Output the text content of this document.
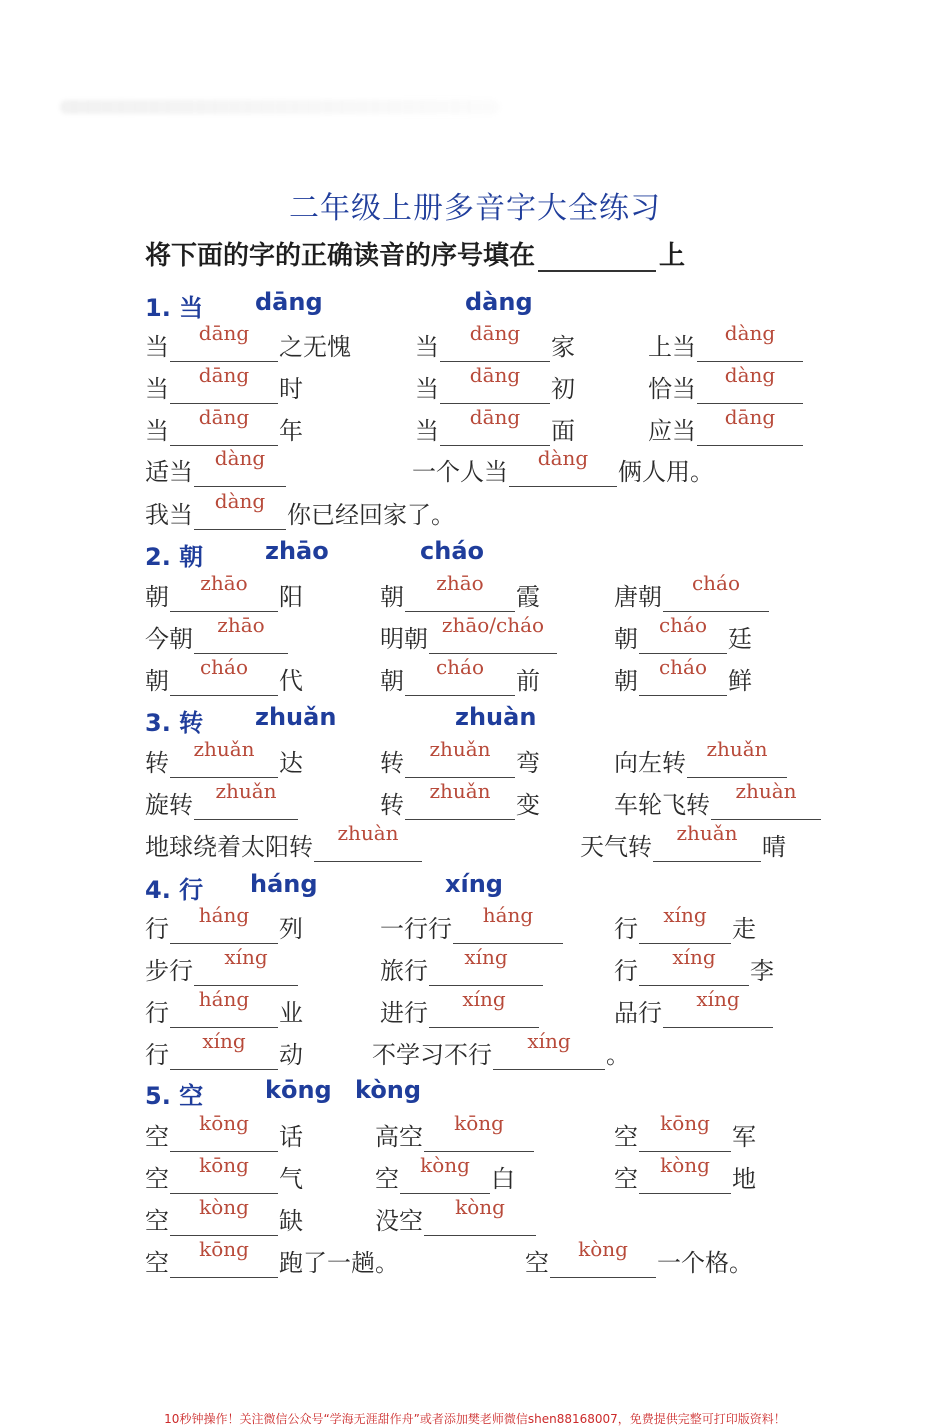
二年级上册多音字大全练习
将下面的字的正确读音的序号填在	上
1. 当 dāng	dàng
当	dāng	之无愧	当	dāng	家	上当	dàng
当	dāng	时	当	dāng	初	恰当	dàng
当	dāng	年	当	dāng	面	应当	dāng
适当	dàng	一个人当	dàng	俩人用。
我当	dàng 你已经回家了。
2. 朝	zhāo	cháo
朝	zhāo	阳	朝	zhāo	霞	唐朝	cháo
今朝	zhāo	明朝 zhāo/cháo	朝	cháo 廷
朝	cháo	代	朝	cháo	前	朝	cháo 鲜
3. 转 zhuǎn	zhuàn
转	zhuǎn	达	转	zhuǎn	弯	向左转	zhuǎn
旋转	zhuǎn	转	zhuǎn	变	车轮飞转	zhuàn
地球绕着太阳转	zhuàn	天气转	zhuǎn	晴
4. 行 háng	xíng
行	háng	列	一行行	háng	行	xíng	走
步行	xíng	旅行	xíng	行	xíng	李
行	háng	业	进行	xíng	品行	xíng
行	xíng	动	不学习不行	xíng	。
5. 空	kōng kòng
空	kōng	话	高空	kōng	空	kōng 军
空	kōng	气	空	kòng 白	空	kòng 地
空	kòng	缺	没空	kòng
空	kōng	跑了一趟。	空	kòng	一个格。
10秒钟操作！关注微信公众号“学海无涯甜作舟”或者添加樊老师微信shen88168007，免费提供完整可打印版资料！
